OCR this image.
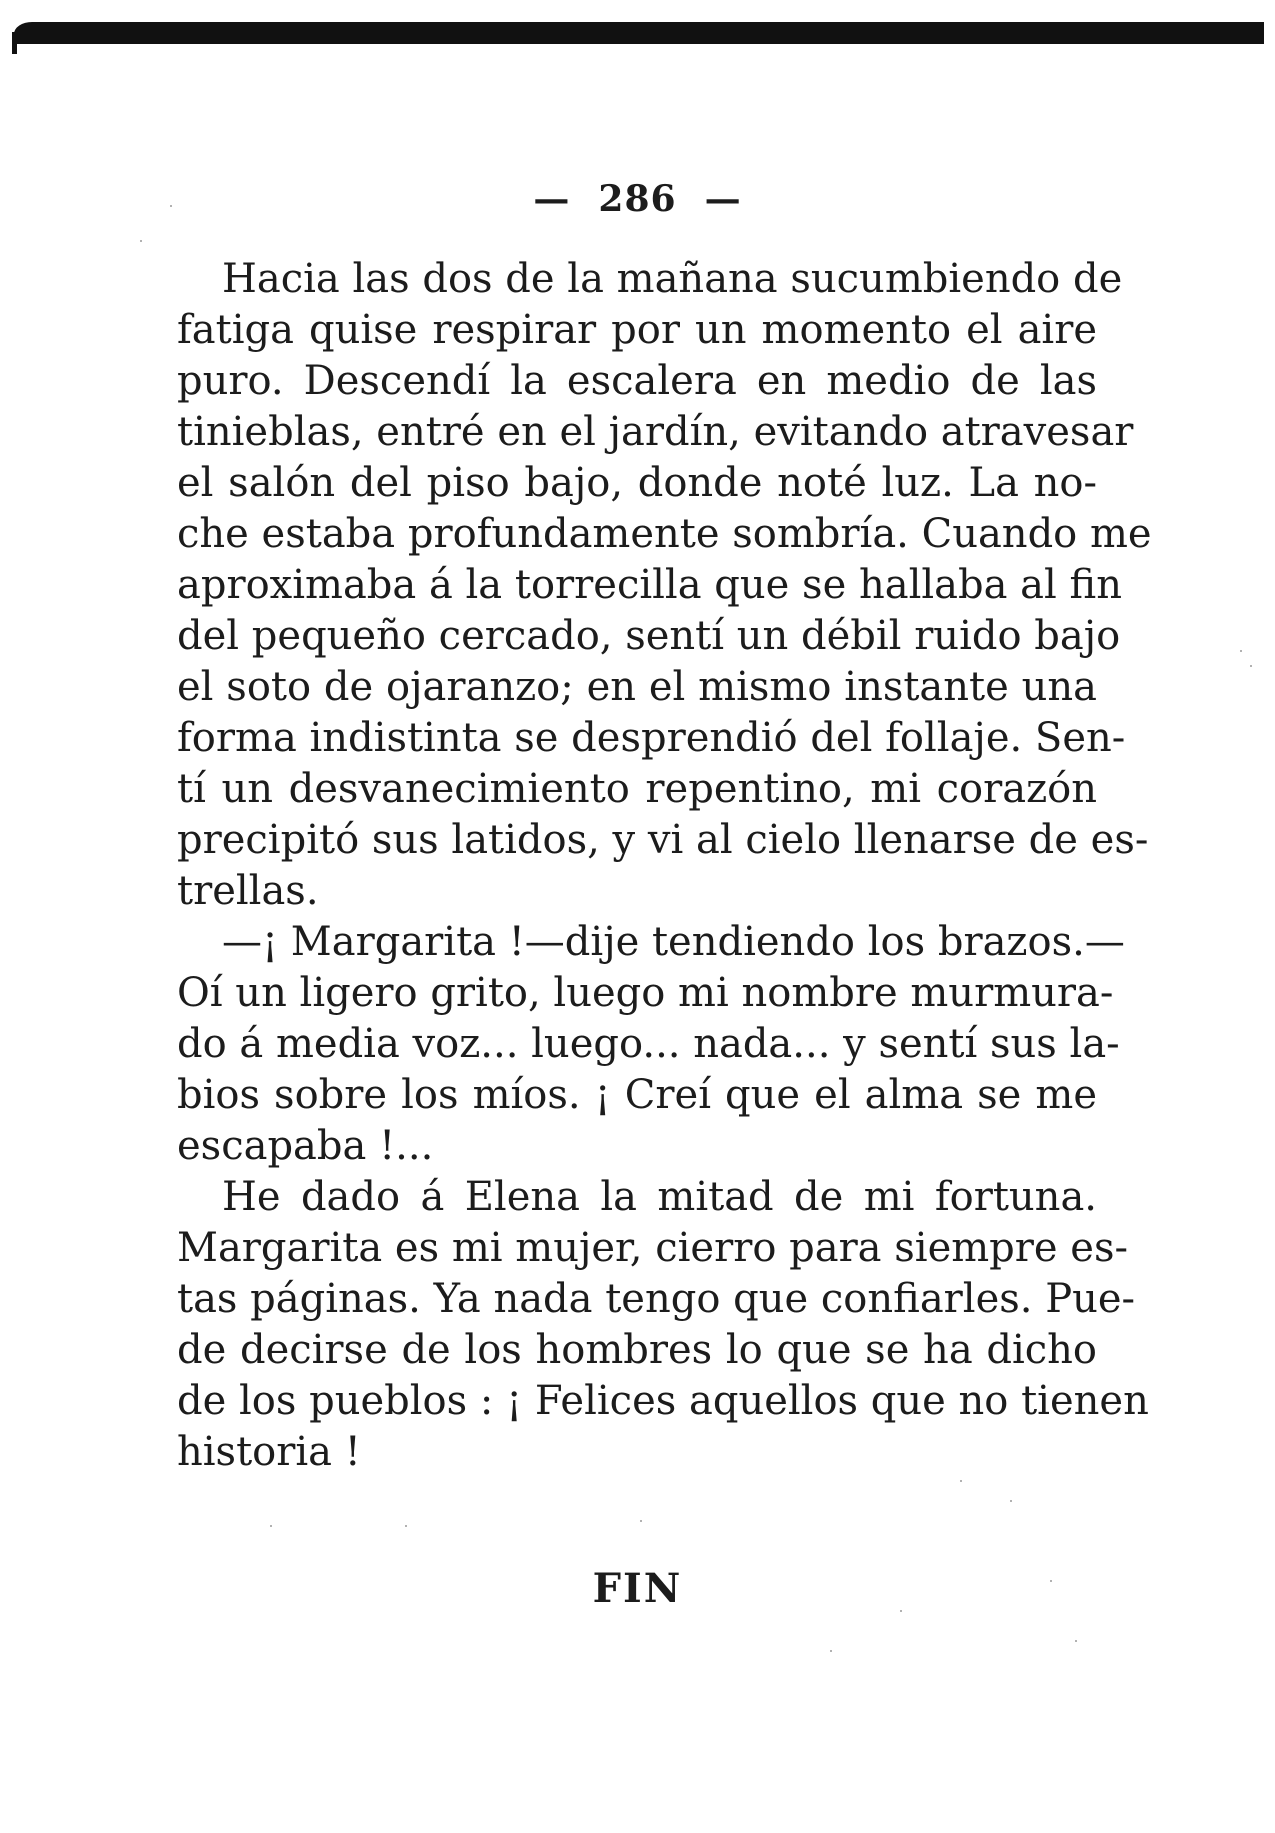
— 286 —
Hacia las dos de la mañana sucumbiendo de
fatiga quise respirar por un momento el aire
puro. Descendí la escalera en medio de las
tinieblas, entré en el jardín, evitando atravesar
el salón del piso bajo, donde noté luz. La no-
che estaba profundamente sombría. Cuando me
aproximaba á la torrecilla que se hallaba al fin
del pequeño cercado, sentí un débil ruido bajo
el soto de ojaranzo; en el mismo instante una
forma indistinta se desprendió del follaje. Sen-
tí un desvanecimiento repentino, mi corazón
precipitó sus latidos, y vi al cielo llenarse de es-
trellas.
—¡ Margarita !—dije tendiendo los brazos.—
Oí un ligero grito, luego mi nombre murmura-
do á media voz... luego... nada... y sentí sus la-
bios sobre los míos. ¡ Creí que el alma se me
escapaba !...
He dado á Elena la mitad de mi fortuna.
Margarita es mi mujer, cierro para siempre es-
tas páginas. Ya nada tengo que confiarles. Pue-
de decirse de los hombres lo que se ha dicho
de los pueblos : ¡ Felices aquellos que no tienen
historia !
FIN
